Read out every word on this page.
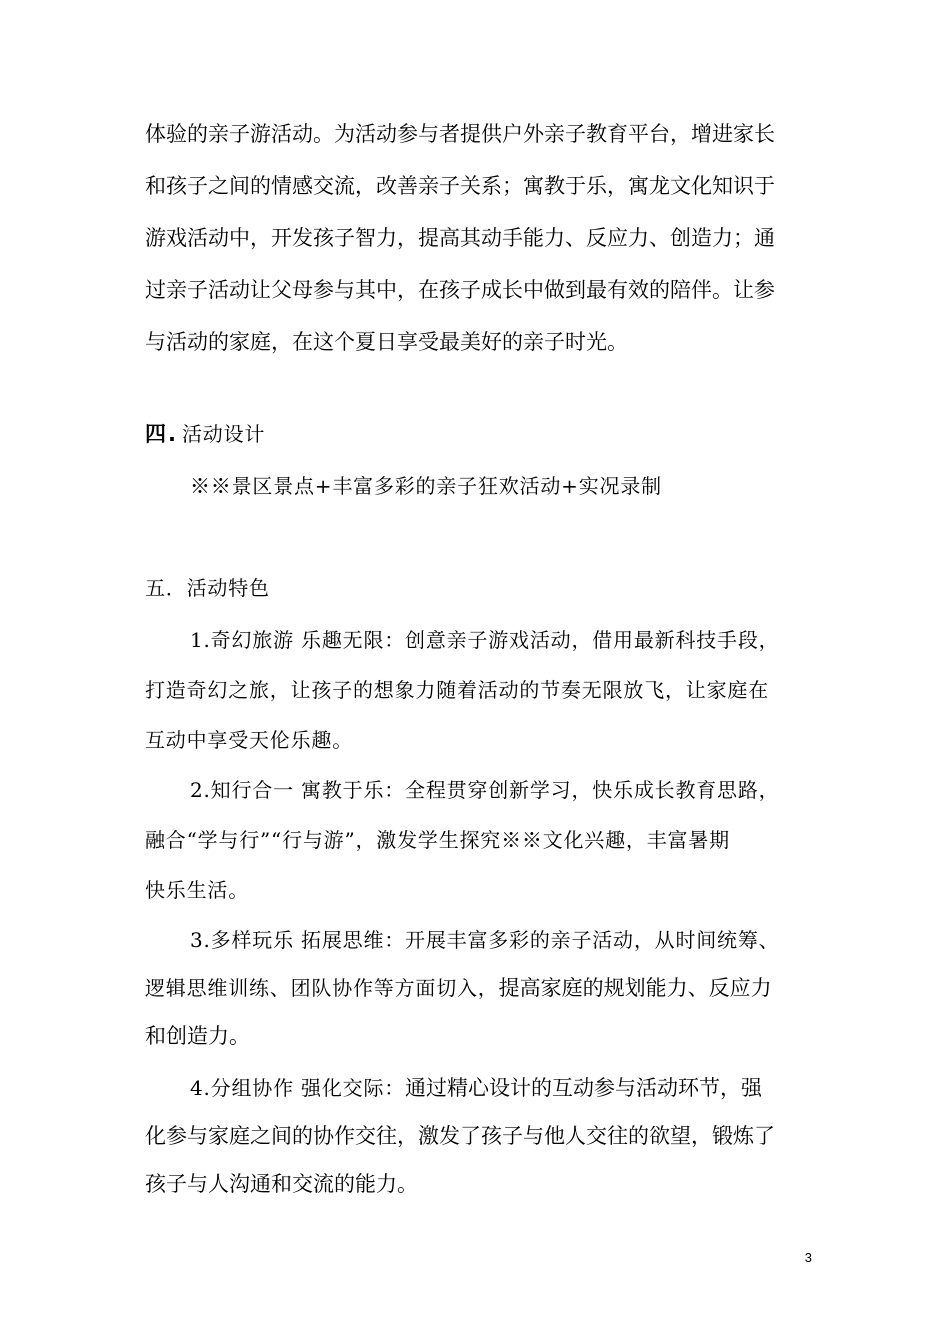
体验的亲子游活动。为活动参与者提供户外亲子教育平台，增进家长
和孩子之间的情感交流，改善亲子关系；寓教于乐，寓龙文化知识于
游戏活动中，开发孩子智力，提高其动手能力、反应力、创造力；通
过亲子活动让父母参与其中，在孩子成长中做到最有效的陪伴。让参
与活动的家庭，在这个夏日享受最美好的亲子时光。
四. 活动设计
※※景区景点+丰富多彩的亲子狂欢活动+实况录制
五．活动特色
1.奇幻旅游 乐趣无限：创意亲子游戏活动，借用最新科技手段，
打造奇幻之旅，让孩子的想象力随着活动的节奏无限放飞，让家庭在
互动中享受天伦乐趣。
2.知行合一 寓教于乐：全程贯穿创新学习，快乐成长教育思路，
融合“学与行”“行与游”，激发学生探究※※文化兴趣，丰富暑期
快乐生活。
3.多样玩乐 拓展思维：开展丰富多彩的亲子活动，从时间统筹、
逻辑思维训练、团队协作等方面切入，提高家庭的规划能力、反应力
和创造力。
4.分组协作 强化交际：通过精心设计的互动参与活动环节，强
化参与家庭之间的协作交往，激发了孩子与他人交往的欲望，锻炼了
孩子与人沟通和交流的能力。
3
